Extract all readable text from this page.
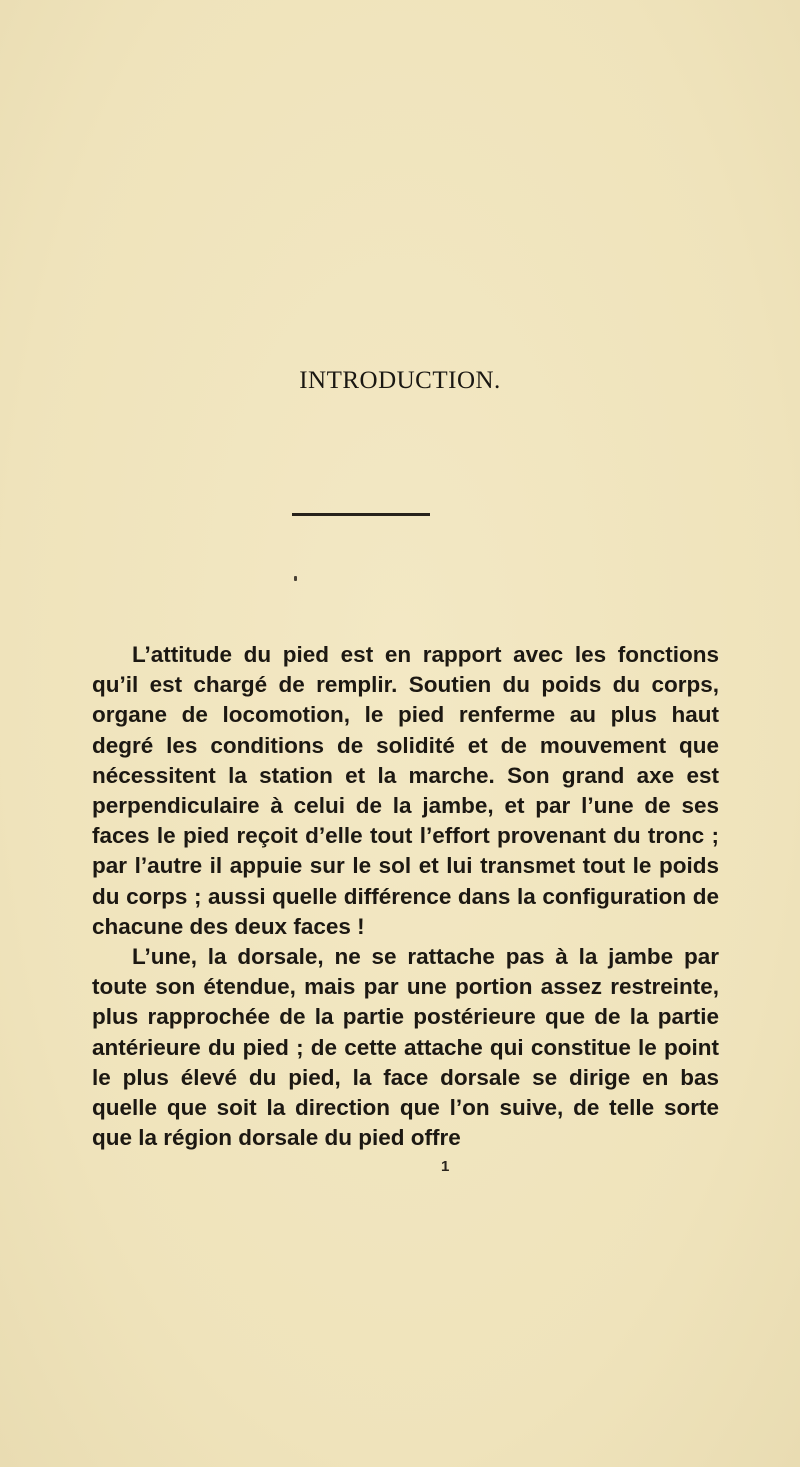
INTRODUCTION.

L’attitude du pied est en rapport avec les fonctions qu’il est chargé de remplir. Soutien du poids du corps, organe de locomotion, le pied renferme au plus haut degré les conditions de solidité et de mouvement que nécessitent la station et la marche. Son grand axe est perpendiculaire à celui de la jambe, et par l’une de ses faces le pied reçoit d’elle tout l’effort provenant du tronc ; par l’autre il appuie sur le sol et lui transmet tout le poids du corps ; aussi quelle différence dans la configuration de chacune des deux faces !

L’une, la dorsale, ne se rattache pas à la jambe par toute son étendue, mais par une portion assez restreinte, plus rapprochée de la partie postérieure que de la partie antérieure du pied ; de cette attache qui constitue le point le plus élevé du pied, la face dorsale se dirige en bas quelle que soit la direction que l’on suive, de telle sorte que la région dorsale du pied offre

1
